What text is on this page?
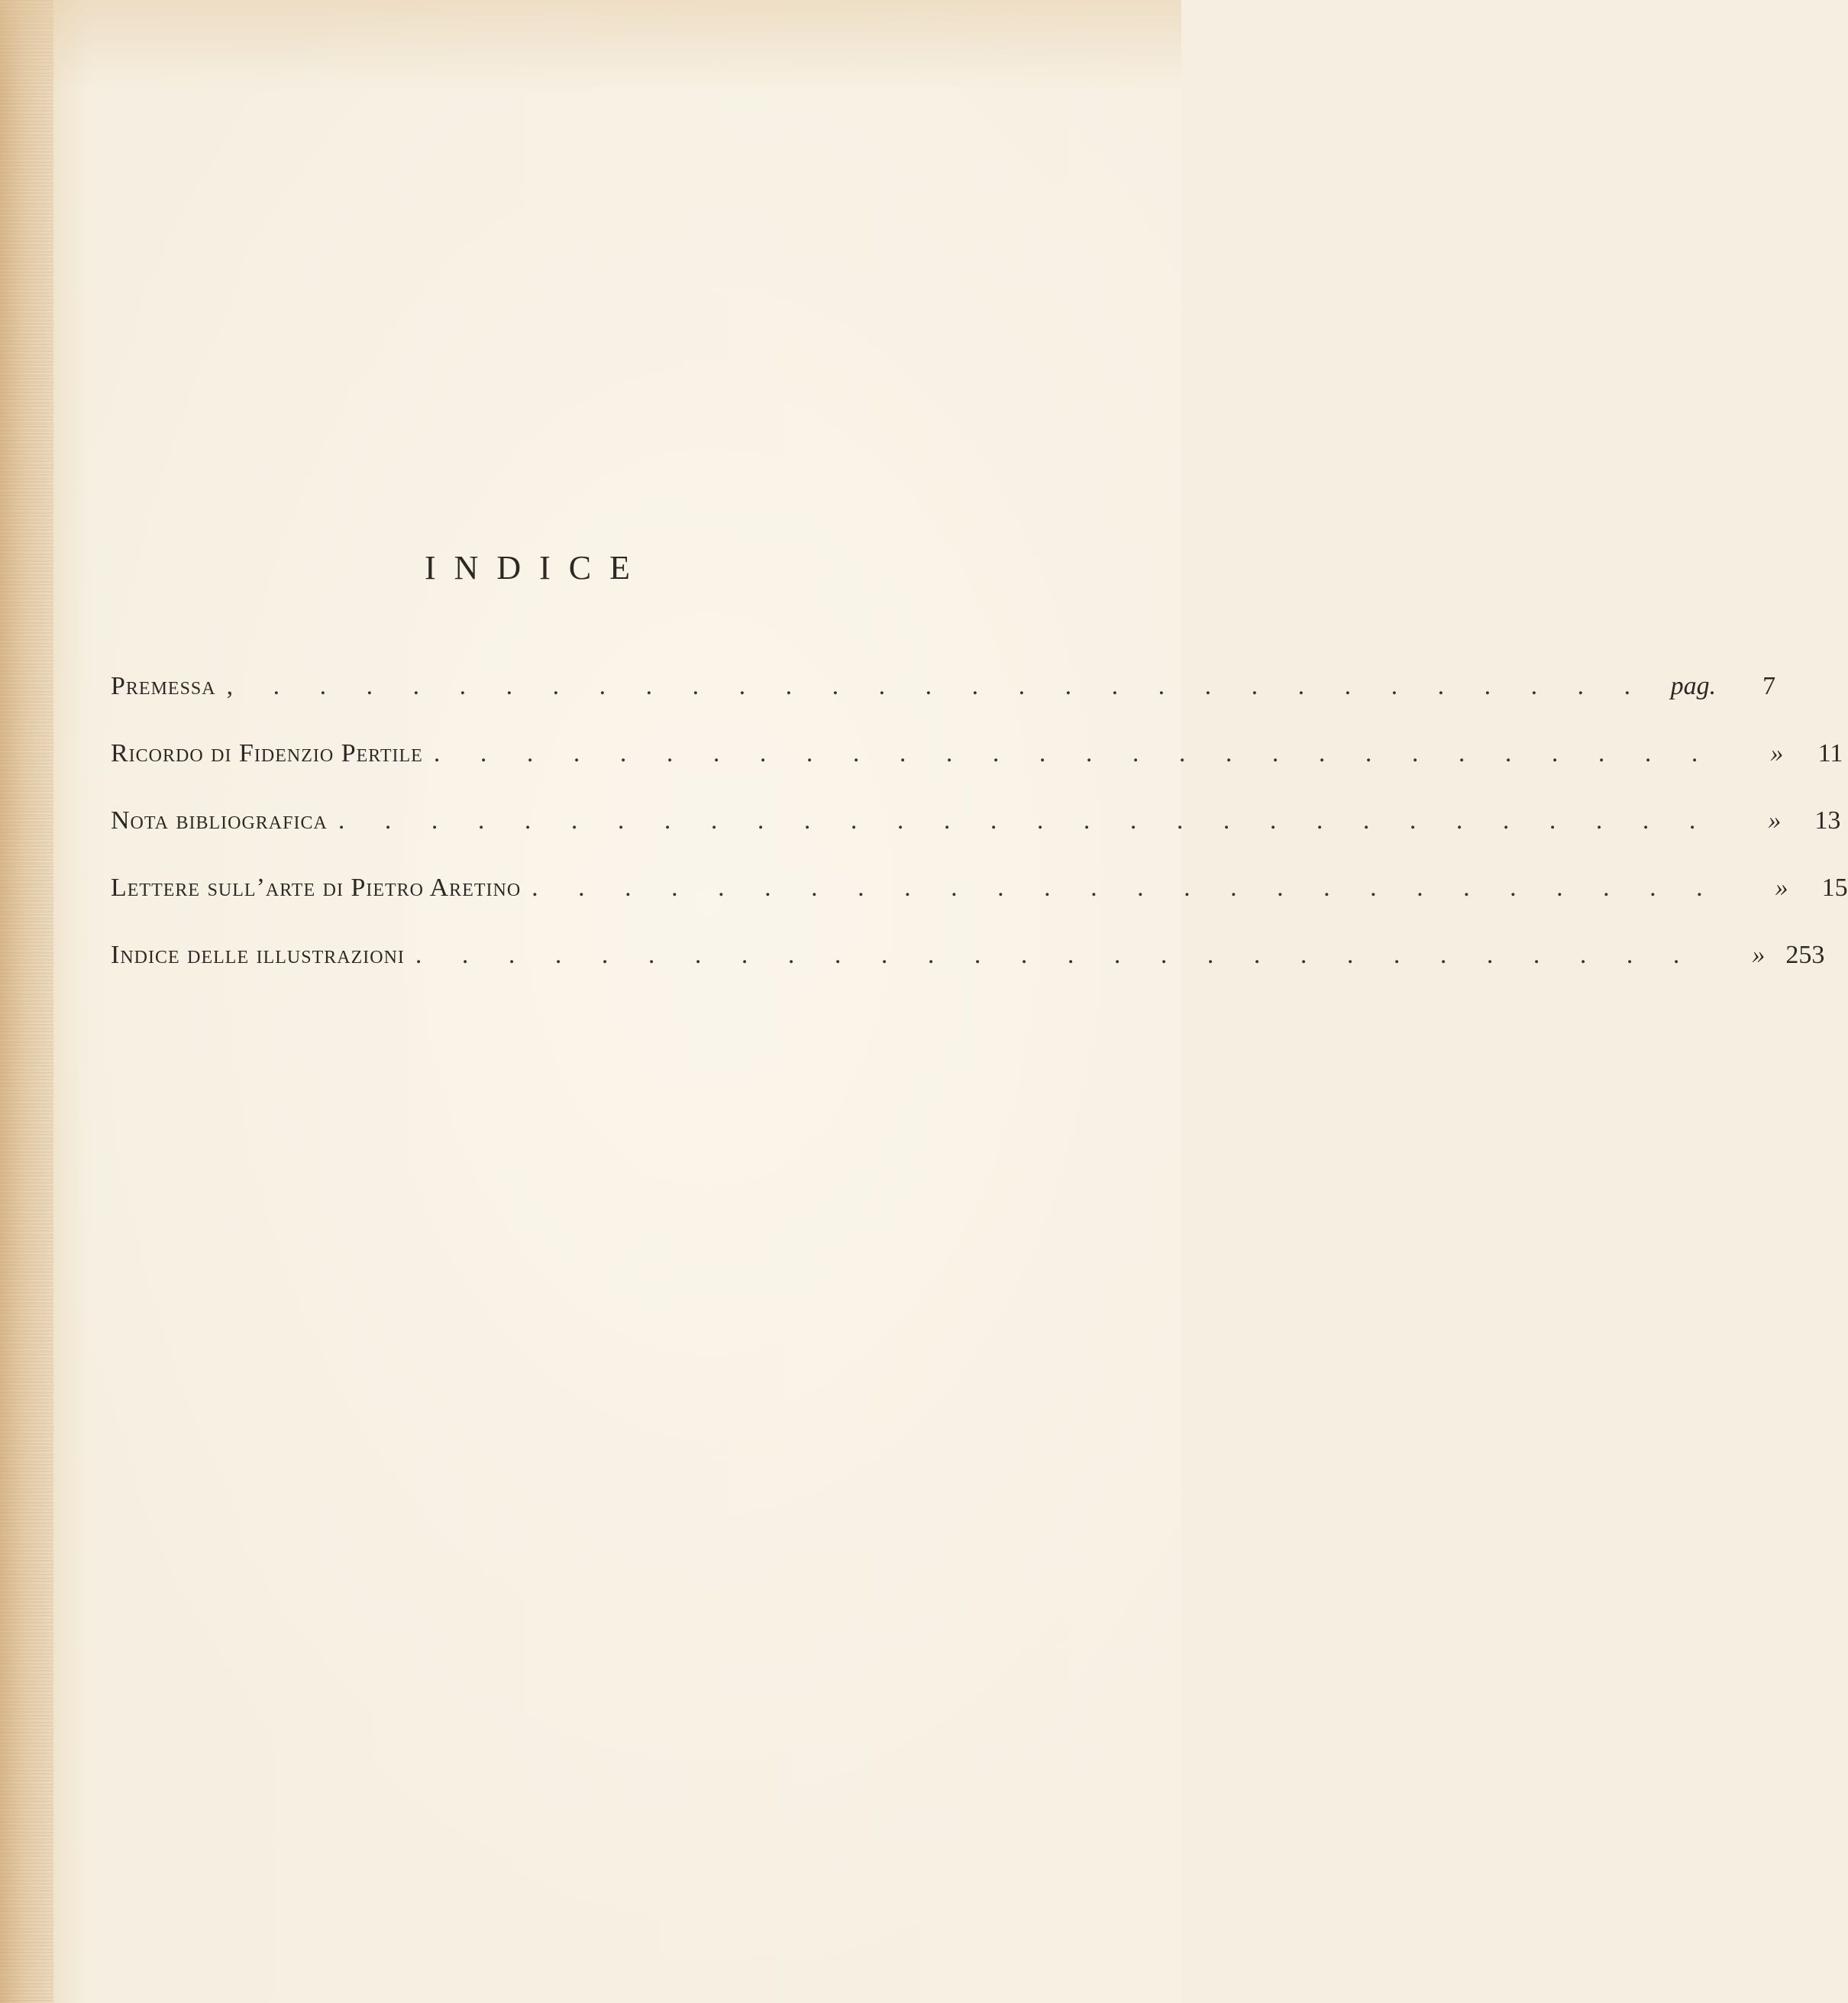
INDICE
Premessa , . . . . . . . . . . . . . . . . . . . . . . . . . . . . . . pag.	7
Ricordo di Fidenzio Pertile . . . . . . . . . . . . . . . . . . . . . . . . . . . .	»	11
Nota bibliografica . . . . . . . . . . . . . . . . . . . . . . . . . . . . . .	»	13
Lettere sull’arte di Pietro Aretino . . . . . . . . . . . . . . . . . . . . . . . . . .	»	15
Indice delle illustrazioni . . . . . . . . . . . . . . . . . . . . . . . . . . . .	» 253
